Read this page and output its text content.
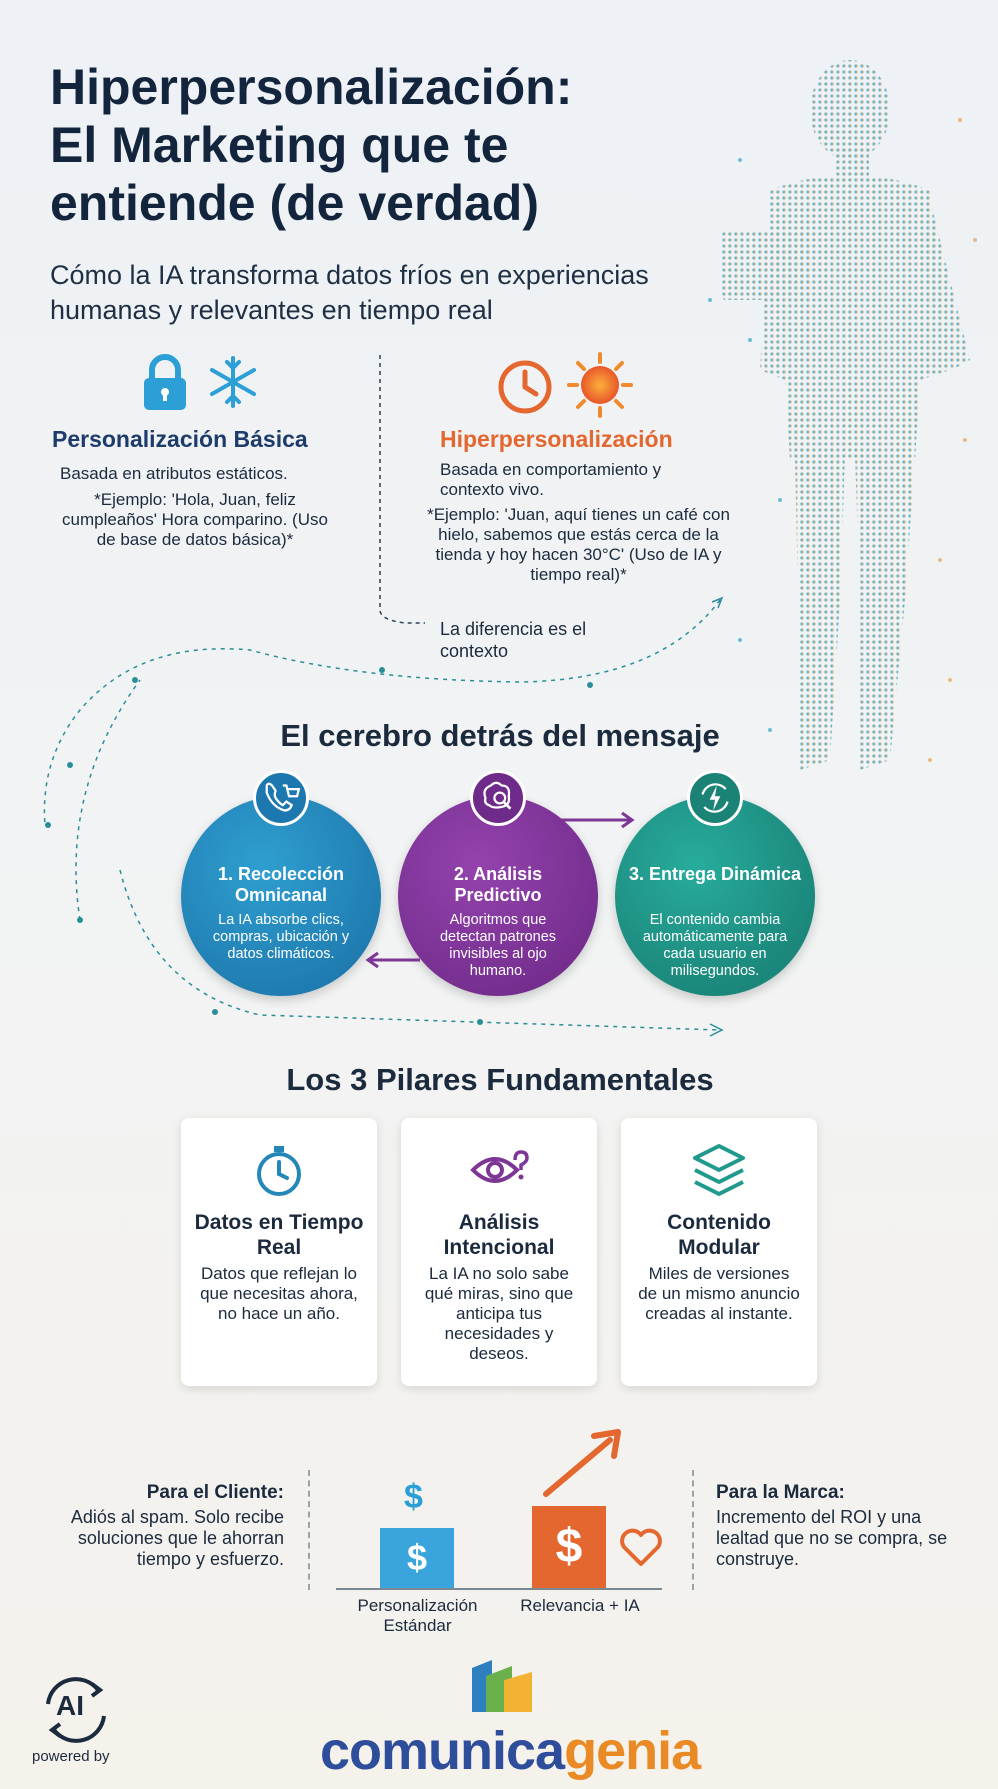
Hiperpersonalización:
El Marketing que te
entiende (de verdad)
Cómo la IA transforma datos fríos en experiencias humanas y relevantes en tiempo real
Personalización Básica
Basada en atributos estáticos.
*Ejemplo: 'Hola, Juan, feliz cumpleaños' Hora comparino. (Uso de base de datos básica)*
Hiperpersonalización
Basada en comportamiento y contexto vivo.
*Ejemplo: 'Juan, aquí tienes un café con hielo, sabemos que estás cerca de la tienda y hoy hacen 30°C' (Uso de IA y tiempo real)*
La diferencia es el contexto
El cerebro detrás del mensaje
1. Recolección Omnicanal
La IA absorbe clics, compras, ubicación y datos climáticos.
2. Análisis Predictivo
Algoritmos que detectan patrones invisibles al ojo humano.
3. Entrega Dinámica
El contenido cambia automáticamente para cada usuario en milisegundos.
Los 3 Pilares Fundamentales
Datos en Tiempo Real
Datos que reflejan lo que necesitas ahora, no hace un año.
Análisis Intencional
La IA no solo sabe qué miras, sino que anticipa tus necesidades y deseos.
Contenido Modular
Miles de versiones de un mismo anuncio creadas al instante.
Para el Cliente:
Adiós al spam. Solo recibe soluciones que le ahorran tiempo y esfuerzo.
Para la Marca:
Incremento del ROI y una lealtad que no se compra, se construye.
$
$	$
Personalización Estándar
Relevancia + IA
AI
powered by	comunicagenia
